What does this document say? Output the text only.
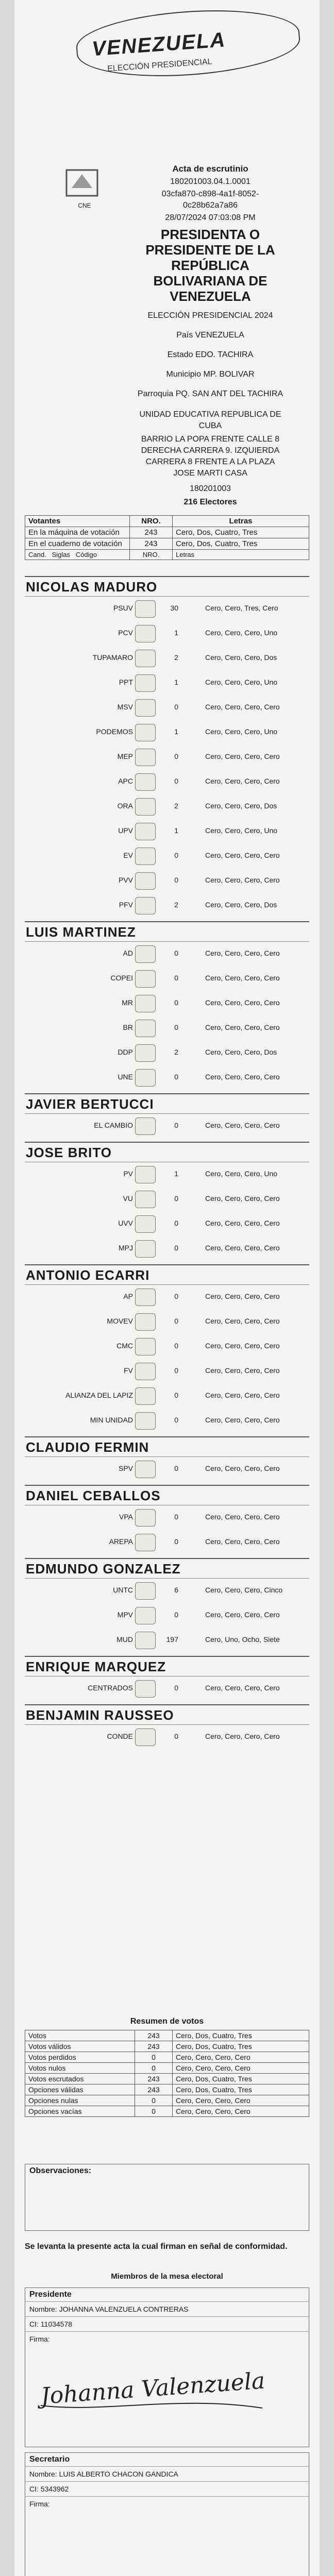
VENEZUELA
ELECCIÓN PRESIDENCIAL
CNE
Acta de escrutinio
180201003.04.1.0001
03cfa870-c898-4a1f-8052-
0c28b62a7a86
28/07/2024 07:03:08 PM
PRESIDENTA O
PRESIDENTE DE LA
REPÚBLICA
BOLIVARIANA DE
VENEZUELA
ELECCIÓN PRESIDENCIAL 2024
País VENEZUELA
Estado EDO. TACHIRA
Municipio MP. BOLIVAR
Parroquia PQ. SAN ANT DEL TACHIRA
UNIDAD EDUCATIVA REPUBLICA DE
CUBA
BARRIO LA POPA FRENTE CALLE 8
DERECHA CARRERA 9. IZQUIERDA
CARRERA 8 FRENTE A LA PLAZA
JOSE MARTI CASA
180201003
216 Electores
Votantes	NRO.	Letras
En la máquina de votación	243	Cero, Dos, Cuatro, Tres
En el cuaderno de votación	243	Cero, Dos, Cuatro, Tres
Cand. Siglas Código	NRO.	Letras
NICOLAS MADURO
PSUV	30	Cero, Cero, Tres, Cero
PCV	1	Cero, Cero, Cero, Uno
TUPAMARO	2	Cero, Cero, Cero, Dos
PPT	1	Cero, Cero, Cero, Uno
MSV	0	Cero, Cero, Cero, Cero
PODEMOS	1	Cero, Cero, Cero, Uno
MEP	0	Cero, Cero, Cero, Cero
APC	0	Cero, Cero, Cero, Cero
ORA	2	Cero, Cero, Cero, Dos
UPV	1	Cero, Cero, Cero, Uno
EV	0	Cero, Cero, Cero, Cero
PVV	0	Cero, Cero, Cero, Cero
PFV	2	Cero, Cero, Cero, Dos
LUIS MARTINEZ
AD	0	Cero, Cero, Cero, Cero
COPEI	0	Cero, Cero, Cero, Cero
MR	0	Cero, Cero, Cero, Cero
BR	0	Cero, Cero, Cero, Cero
DDP	2	Cero, Cero, Cero, Dos
UNE	0	Cero, Cero, Cero, Cero
JAVIER BERTUCCI
EL CAMBIO	0	Cero, Cero, Cero, Cero
JOSE BRITO
PV	1	Cero, Cero, Cero, Uno
VU	0	Cero, Cero, Cero, Cero
UVV	0	Cero, Cero, Cero, Cero
MPJ	0	Cero, Cero, Cero, Cero
ANTONIO ECARRI
AP	0	Cero, Cero, Cero, Cero
MOVEV	0	Cero, Cero, Cero, Cero
CMC	0	Cero, Cero, Cero, Cero
FV	0	Cero, Cero, Cero, Cero
ALIANZA DEL LAPIZ	0	Cero, Cero, Cero, Cero
MIN UNIDAD	0	Cero, Cero, Cero, Cero
CLAUDIO FERMIN
SPV	0	Cero, Cero, Cero, Cero
DANIEL CEBALLOS
VPA	0	Cero, Cero, Cero, Cero
AREPA	0	Cero, Cero, Cero, Cero
EDMUNDO GONZALEZ
UNTC	6	Cero, Cero, Cero, Cinco
MPV	0	Cero, Cero, Cero, Cero
MUD	197	Cero, Uno, Ocho, Siete
ENRIQUE MARQUEZ
CENTRADOS	0	Cero, Cero, Cero, Cero
BENJAMIN RAUSSEO
CONDE	0	Cero, Cero, Cero, Cero
Resumen de votos
Votos	243	Cero, Dos, Cuatro, Tres
Votos válidos	243	Cero, Dos, Cuatro, Tres
Votos perdidos	0	Cero, Cero, Cero, Cero
Votos nulos	0	Cero, Cero, Cero, Cero
Votos escrutados	243	Cero, Dos, Cuatro, Tres
Opciones válidas	243	Cero, Dos, Cuatro, Tres
Opciones nulas	0	Cero, Cero, Cero, Cero
Opciones vacías	0	Cero, Cero, Cero, Cero
Observaciones:
Se levanta la presente acta la cual firman en señal de conformidad.
Miembros de la mesa electoral
Presidente
Nombre: JOHANNA VALENZUELA CONTRERAS
CI: 11034578
Firma:
Johanna Valenzuela
Secretario
Nombre: LUIS ALBERTO CHACON GANDICA
CI: 5343962
Firma:
